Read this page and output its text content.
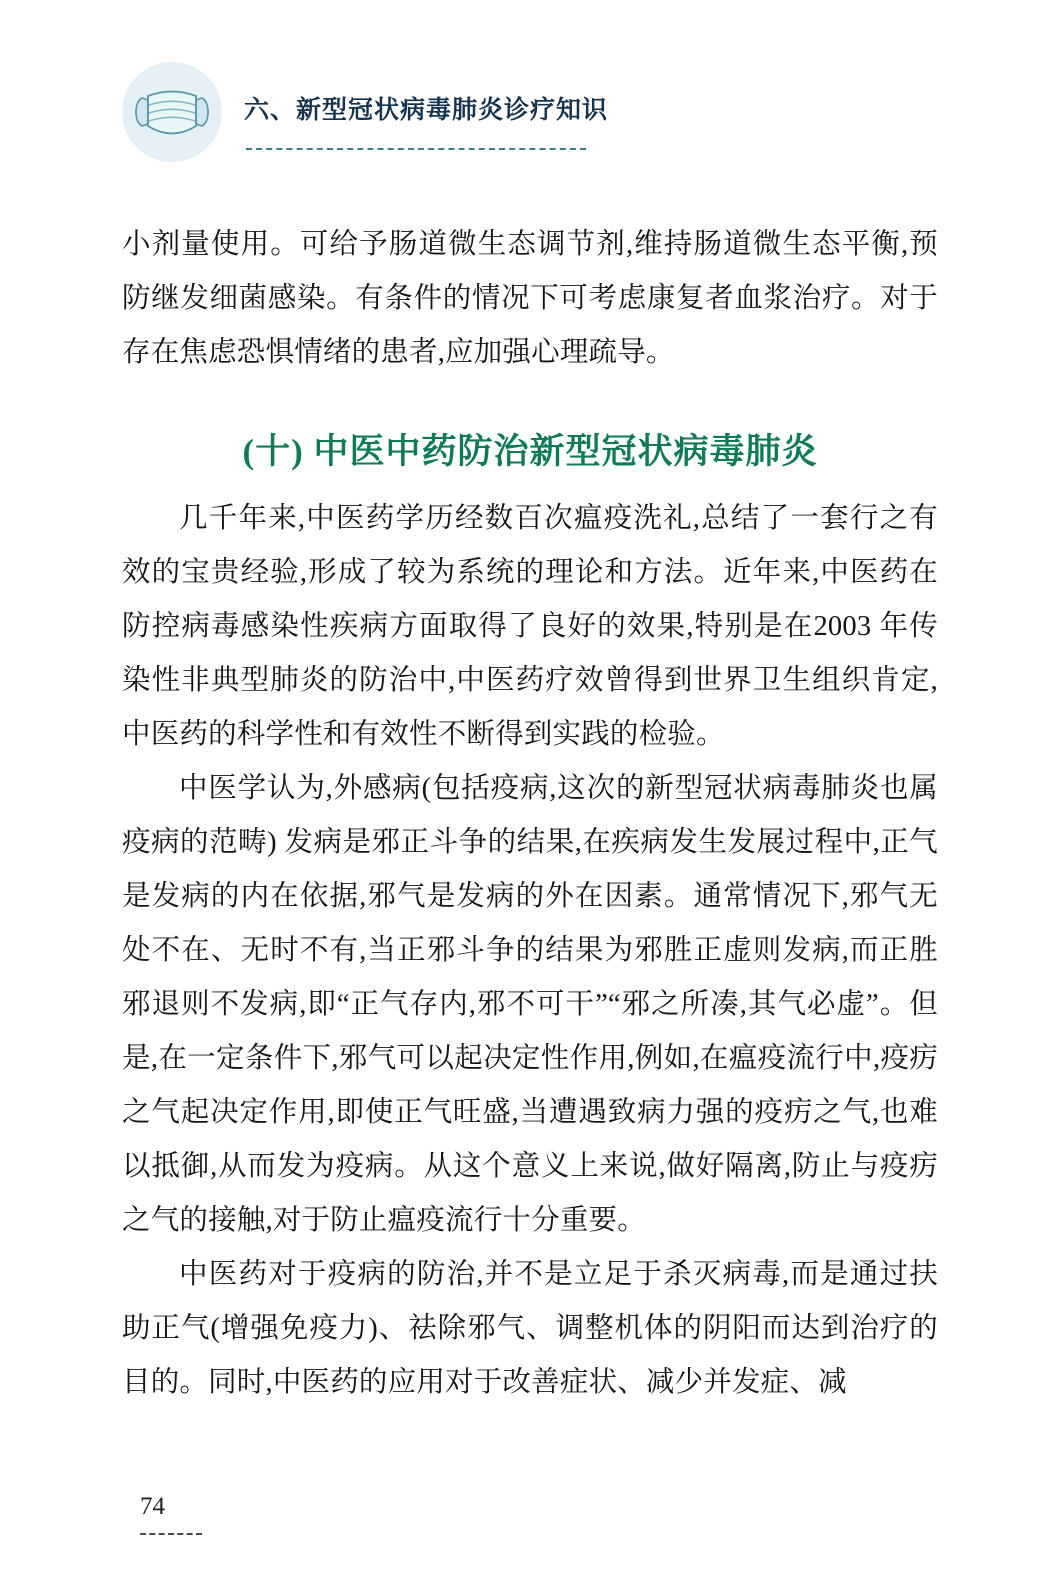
六、新型冠状病毒肺炎诊疗知识

小剂量使用。可给予肠道微生态调节剂,维持肠道微生态平衡,预防继发细菌感染。有条件的情况下可考虑康复者血浆治疗。对于存在焦虑恐惧情绪的患者,应加强心理疏导。

(十) 中医中药防治新型冠状病毒肺炎

几千年来,中医药学历经数百次瘟疫洗礼,总结了一套行之有效的宝贵经验,形成了较为系统的理论和方法。近年来,中医药在防控病毒感染性疾病方面取得了良好的效果,特别是在2003 年传染性非典型肺炎的防治中,中医药疗效曾得到世界卫生组织肯定,中医药的科学性和有效性不断得到实践的检验。

中医学认为,外感病(包括疫病,这次的新型冠状病毒肺炎也属疫病的范畴) 发病是邪正斗争的结果,在疾病发生发展过程中,正气是发病的内在依据,邪气是发病的外在因素。通常情况下,邪气无处不在、无时不有,当正邪斗争的结果为邪胜正虚则发病,而正胜邪退则不发病,即“正气存内,邪不可干”“邪之所凑,其气必虚”。但是,在一定条件下,邪气可以起决定性作用,例如,在瘟疫流行中,疫疠之气起决定作用,即使正气旺盛,当遭遇致病力强的疫疠之气,也难以抵御,从而发为疫病。从这个意义上来说,做好隔离,防止与疫疠之气的接触,对于防止瘟疫流行十分重要。

中医药对于疫病的防治,并不是立足于杀灭病毒,而是通过扶助正气(增强免疫力)、祛除邪气、调整机体的阴阳而达到治疗的目的。同时,中医药的应用对于改善症状、减少并发症、减

74
